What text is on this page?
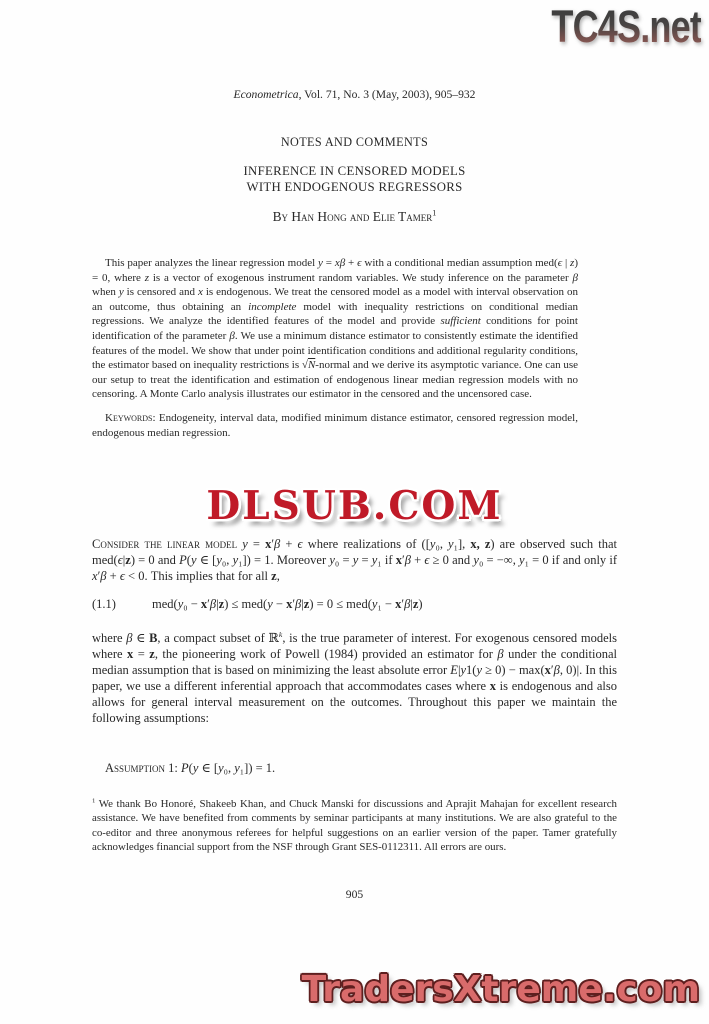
TC4S.net
Econometrica, Vol. 71, No. 3 (May, 2003), 905–932
NOTES AND COMMENTS
INFERENCE IN CENSORED MODELS
WITH ENDOGENOUS REGRESSORS
By Han Hong and Elie Tamer$^1$

This paper analyzes the linear regression model y = xβ + ϵ with a conditional median assumption med(ϵ | z) = 0, where z is a vector of exogenous instrument random variables. We study inference on the parameter β when y is censored and x is endogenous. We treat the censored model as a model with interval observation on an outcome, thus obtaining an incomplete model with inequality restrictions on conditional median regressions. We analyze the identified features of the model and provide sufficient conditions for point identification of the parameter β. We use a minimum distance estimator to consistently estimate the identified features of the model. We show that under point identification conditions and additional regularity conditions, the estimator based on inequality restrictions is √N-normal and we derive its asymptotic variance. One can use our setup to treat the identification and estimation of endogenous linear median regression models with no censoring. A Monte Carlo analysis illustrates our estimator in the censored and the uncensored case.

Keywords: Endogeneity, interval data, modified minimum distance estimator, censored regression model, endogenous median regression.

DLSUB.COM

Consider the linear model y = x′β + ϵ where realizations of ([y₀, y₁], x, z) are observed such that med(ϵ|z) = 0 and P(y ∈ [y₀, y₁]) = 1. Moreover y₀ = y = y₁ if x′β + ϵ ≥ 0 and y₀ = −∞, y₁ = 0 if and only if x′β + ϵ < 0. This implies that for all z,

(1.1)	med(y₀ − x′β|z) ≤ med(y − x′β|z) = 0 ≤ med(y₁ − x′β|z)

where β ∈ B, a compact subset of ℝ$^k$, is the true parameter of interest. For exogenous censored models where x = z, the pioneering work of Powell (1984) provided an estimator for β under the conditional median assumption that is based on minimizing the least absolute error E|y1(y ≥ 0) − max(x′β, 0)|. In this paper, we use a different inferential approach that accommodates cases where x is endogenous and also allows for general interval measurement on the outcomes. Throughout this paper we maintain the following assumptions:

Assumption 1: P(y ∈ [y₀, y₁]) = 1.

$^1$ We thank Bo Honoré, Shakeeb Khan, and Chuck Manski for discussions and Aprajit Mahajan for excellent research assistance. We have benefited from comments by seminar participants at many institutions. We are also grateful to the co-editor and three anonymous referees for helpful suggestions on an earlier version of the paper. Tamer gratefully acknowledges financial support from the NSF through Grant SES-0112311. All errors are ours.
905
TradersXtreme.com
